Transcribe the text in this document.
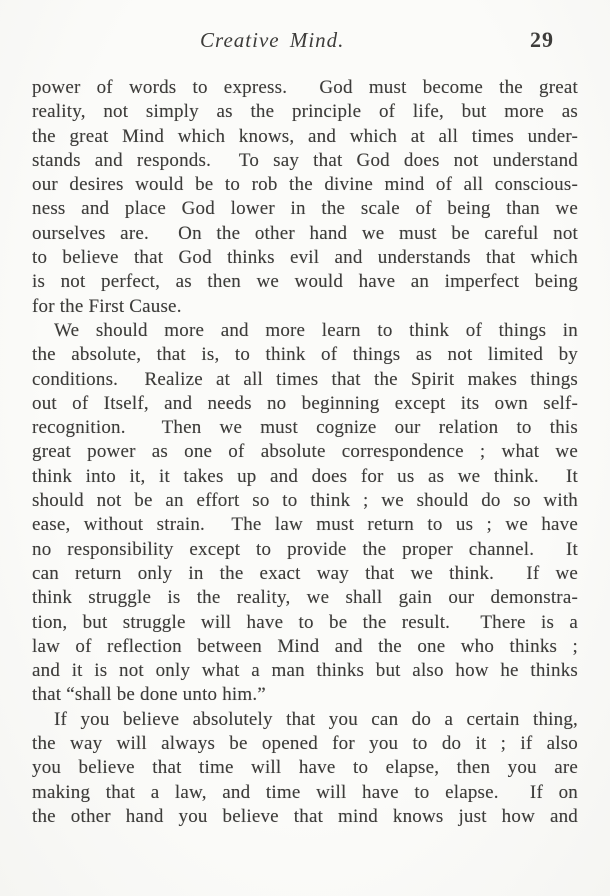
Creative Mind.	29

power of words to express.  God must become the great
reality, not simply as the principle of life, but more as
the great Mind which knows, and which at all times under-
stands and responds.  To say that God does not understand
our desires would be to rob the divine mind of all conscious-
ness and place God lower in the scale of being than we
ourselves are.  On the other hand we must be careful not
to believe that God thinks evil and understands that which
is not perfect, as then we would have an imperfect being
for the First Cause.

We should more and more learn to think of things in
the absolute, that is, to think of things as not limited by
conditions.  Realize at all times that the Spirit makes things
out of Itself, and needs no beginning except its own self-
recognition.  Then we must cognize our relation to this
great power as one of absolute correspondence ; what we
think into it, it takes up and does for us as we think.  It
should not be an effort so to think ; we should do so with
ease, without strain.  The law must return to us ; we have
no responsibility except to provide the proper channel.  It
can return only in the exact way that we think.  If we
think struggle is the reality, we shall gain our demonstra-
tion, but struggle will have to be the result.  There is a
law of reflection between Mind and the one who thinks ;
and it is not only what a man thinks but also how he thinks
that “shall be done unto him.”

If you believe absolutely that you can do a certain thing,
the way will always be opened for you to do it ; if also
you believe that time will have to elapse, then you are
making that a law, and time will have to elapse.  If on
the other hand you believe that mind knows just how and
